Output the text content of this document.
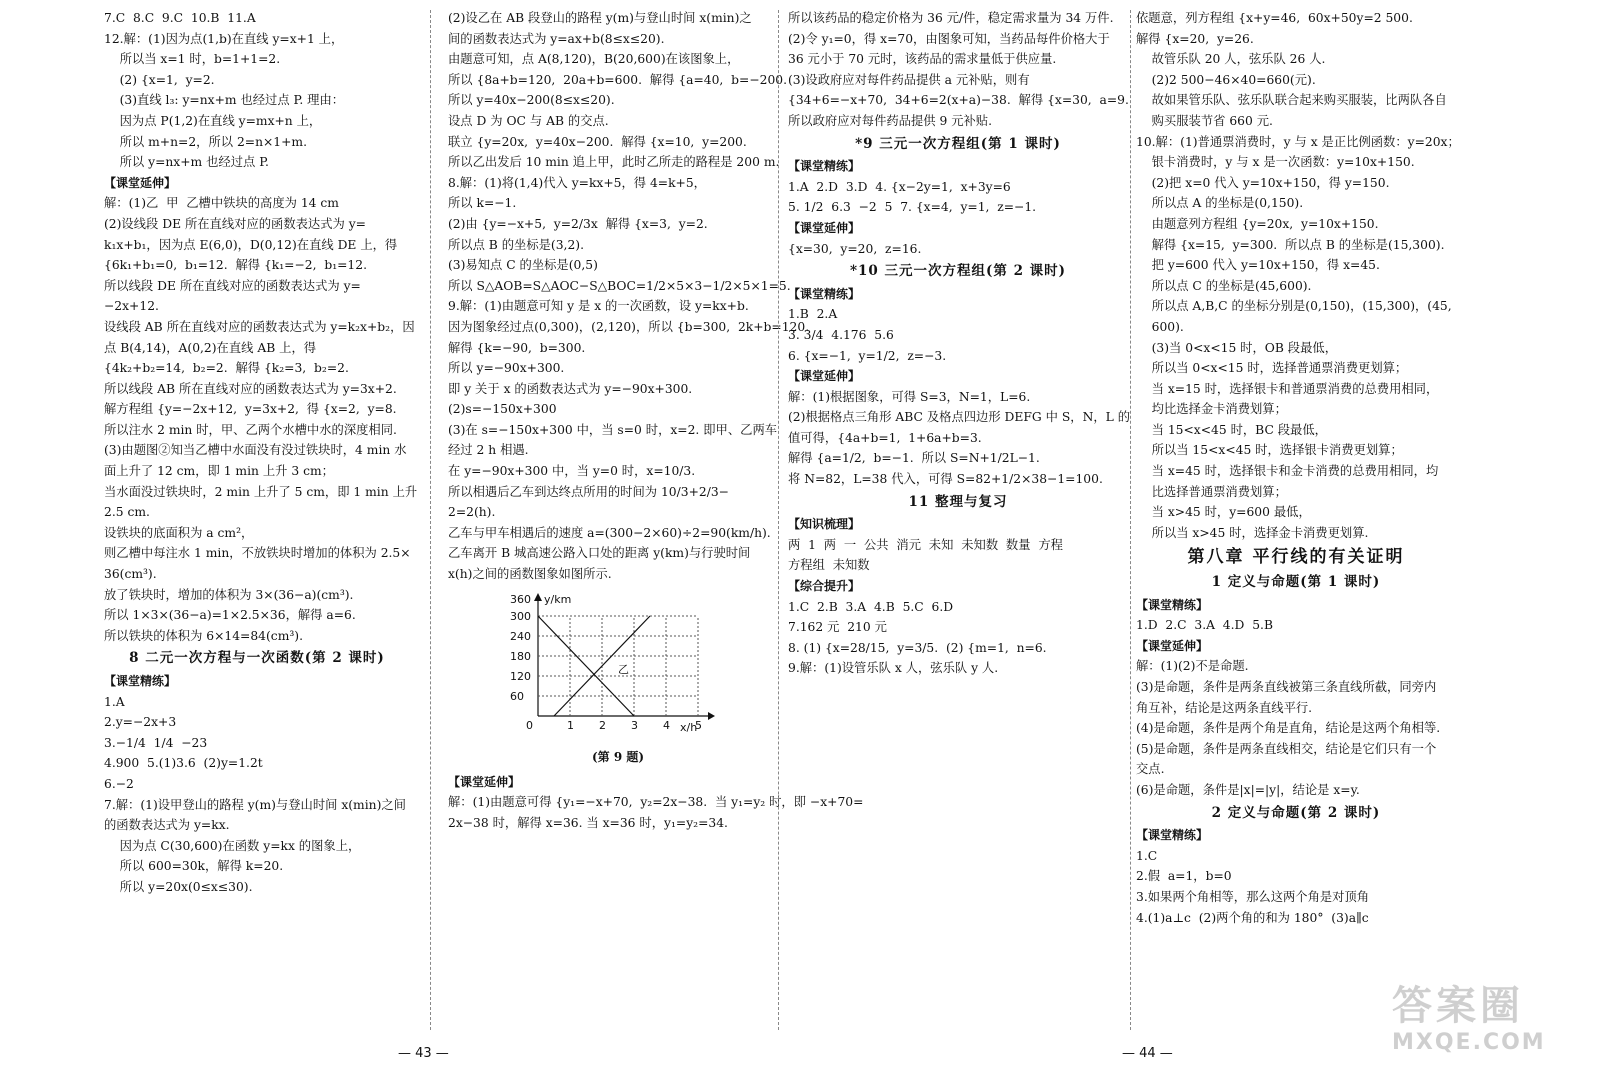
7.C  8.C  9.C  10.B  11.A
12.解：(1)因为点(1,b)在直线 y=x+1 上，
所以当 x=1 时，b=1+1=2.
(2) {x=1,  y=2.
(3)直线 l₃: y=nx+m 也经过点 P. 理由：
因为点 P(1,2)在直线 y=mx+n 上，
所以 m+n=2，所以 2=n×1+m.
所以 y=nx+m 也经过点 P.
【课堂延伸】
解：(1)乙  甲  乙槽中铁块的高度为 14 cm
(2)设线段 DE 所在直线对应的函数表达式为 y=
k₁x+b₁，因为点 E(6,0)，D(0,12)在直线 DE 上，得
{6k₁+b₁=0,  b₁=12.  解得 {k₁=−2,  b₁=12.
所以线段 DE 所在直线对应的函数表达式为 y=
−2x+12.
设线段 AB 所在直线对应的函数表达式为 y=k₂x+b₂，因
点 B(4,14)，A(0,2)在直线 AB 上，得
{4k₂+b₂=14,  b₂=2.  解得 {k₂=3,  b₂=2.
所以线段 AB 所在直线对应的函数表达式为 y=3x+2.
解方程组 {y=−2x+12,  y=3x+2,  得 {x=2,  y=8.
所以注水 2 min 时，甲、乙两个水槽中水的深度相同.
(3)由题图②知当乙槽中水面没有没过铁块时，4 min 水
面上升了 12 cm，即 1 min 上升 3 cm；
当水面没过铁块时，2 min 上升了 5 cm，即 1 min 上升
2.5 cm.
设铁块的底面积为 a cm²，
则乙槽中每注水 1 min，不放铁块时增加的体积为 2.5×
36(cm³).
放了铁块时，增加的体积为 3×(36−a)(cm³).
所以 1×3×(36−a)=1×2.5×36，解得 a=6.
所以铁块的体积为 6×14=84(cm³).
8 二元一次方程与一次函数(第 2 课时)
【课堂精练】
1.A
2.y=−2x+3
3.−1/4  1/4  −23
4.900  5.(1)3.6  (2)y=1.2t
6.−2
7.解：(1)设甲登山的路程 y(m)与登山时间 x(min)之间
的函数表达式为 y=kx.
因为点 C(30,600)在函数 y=kx 的图象上，
所以 600=30k，解得 k=20.
所以 y=20x(0≤x≤30).
(2)设乙在 AB 段登山的路程 y(m)与登山时间 x(min)之
间的函数表达式为 y=ax+b(8≤x≤20).
由题意可知，点 A(8,120)，B(20,600)在该图象上，
所以 {8a+b=120,  20a+b=600.  解得 {a=40,  b=−200.
所以 y=40x−200(8≤x≤20).
设点 D 为 OC 与 AB 的交点.
联立 {y=20x,  y=40x−200.  解得 {x=10,  y=200.
所以乙出发后 10 min 追上甲，此时乙所走的路程是 200 m.
8.解：(1)将(1,4)代入 y=kx+5，得 4=k+5，
所以 k=−1.
(2)由 {y=−x+5,  y=2/3x  解得 {x=3,  y=2.
所以点 B 的坐标是(3,2).
(3)易知点 C 的坐标是(0,5)
所以 S△AOB=S△AOC−S△BOC=1/2×5×3−1/2×5×1=5.
9.解：(1)由题意可知 y 是 x 的一次函数，设 y=kx+b.
因为图象经过点(0,300)，(2,120)，所以 {b=300,  2k+b=120.
解得 {k=−90,  b=300.
所以 y=−90x+300.
即 y 关于 x 的函数表达式为 y=−90x+300.
(2)s=−150x+300
(3)在 s=−150x+300 中，当 s=0 时，x=2. 即甲、乙两车
经过 2 h 相遇.
在 y=−90x+300 中，当 y=0 时，x=10/3.
所以相遇后乙车到达终点所用的时间为 10/3+2/3−
2=2(h).
乙车与甲车相遇后的速度 a=(300−2×60)÷2=90(km/h).
乙车离开 B 城高速公路入口处的距离 y(km)与行驶时间
x(h)之间的函数图象如图所示.
y/km
x/h
360
0
乙
300
240
180
120
60
1 2 3 4 5
(第 9 题)
【课堂延伸】
解：(1)由题意可得 {y₁=−x+70,  y₂=2x−38.  当 y₁=y₂ 时，即 −x+70=
2x−38 时，解得 x=36. 当 x=36 时，y₁=y₂=34.
所以该药品的稳定价格为 36 元/件，稳定需求量为 34 万件.
(2)令 y₁=0，得 x=70，由图象可知，当药品每件价格大于
36 元小于 70 元时，该药品的需求量低于供应量.
(3)设政府应对每件药品提供 a 元补贴，则有
{34+6=−x+70,  34+6=2(x+a)−38.  解得 {x=30,  a=9.
所以政府应对每件药品提供 9 元补贴.
*9 三元一次方程组(第 1 课时)
【课堂精练】
1.A  2.D  3.D  4. {x−2y=1,  x+3y=6
5. 1/2  6.3  −2  5  7. {x=4,  y=1,  z=−1.
【课堂延伸】
{x=30,  y=20,  z=16.
*10 三元一次方程组(第 2 课时)
【课堂精练】
1.B  2.A
3. 3/4  4.176  5.6
6. {x=−1,  y=1/2,  z=−3.
【课堂延伸】
解：(1)根据图象，可得 S=3，N=1，L=6.
(2)根据格点三角形 ABC 及格点四边形 DEFG 中 S，N，L 的
值可得，{4a+b=1,  1+6a+b=3.
解得 {a=1/2,  b=−1.  所以 S=N+1/2L−1.
将 N=82，L=38 代入，可得 S=82+1/2×38−1=100.
11 整理与复习
【知识梳理】
两  1  两  一  公共  消元  未知  未知数  数量  方程
方程组  未知数
【综合提升】
1.C  2.B  3.A  4.B  5.C  6.D
7.162 元  210 元
8. (1) {x=28/15,  y=3/5.  (2) {m=1,  n=6.
9.解：(1)设管乐队 x 人，弦乐队 y 人.
依题意，列方程组 {x+y=46,  60x+50y=2 500.
解得 {x=20,  y=26.
故管乐队 20 人，弦乐队 26 人.
(2)2 500−46×40=660(元).
故如果管乐队、弦乐队联合起来购买服装，比两队各自
购买服装节省 660 元.
10.解：(1)普通票消费时，y 与 x 是正比例函数：y=20x；
银卡消费时，y 与 x 是一次函数：y=10x+150.
(2)把 x=0 代入 y=10x+150，得 y=150.
所以点 A 的坐标是(0,150).
由题意列方程组 {y=20x,  y=10x+150.
解得 {x=15,  y=300.  所以点 B 的坐标是(15,300).
把 y=600 代入 y=10x+150，得 x=45.
所以点 C 的坐标是(45,600).
所以点 A,B,C 的坐标分别是(0,150)，(15,300)，(45,
600).
(3)当 0<x<15 时，OB 段最低，
所以当 0<x<15 时，选择普通票消费更划算；
当 x=15 时，选择银卡和普通票消费的总费用相同，
均比选择金卡消费划算；
当 15<x<45 时，BC 段最低，
所以当 15<x<45 时，选择银卡消费更划算；
当 x=45 时，选择银卡和金卡消费的总费用相同，均
比选择普通票消费划算；
当 x>45 时，y=600 最低，
所以当 x>45 时，选择金卡消费更划算.
第八章 平行线的有关证明
1 定义与命题(第 1 课时)
【课堂精练】
1.D  2.C  3.A  4.D  5.B
【课堂延伸】
解：(1)(2)不是命题.
(3)是命题，条件是两条直线被第三条直线所截，同旁内
角互补，结论是这两条直线平行.
(4)是命题，条件是两个角是直角，结论是这两个角相等.
(5)是命题，条件是两条直线相交，结论是它们只有一个
交点.
(6)是命题，条件是|x|=|y|，结论是 x=y.
2 定义与命题(第 2 课时)
【课堂精练】
1.C
2.假  a=1，b=0
3.如果两个角相等，那么这两个角是对顶角
4.(1)a⊥c  (2)两个角的和为 180°  (3)a∥c
— 43 —	— 44 —
答案圈
MXQE.COM
